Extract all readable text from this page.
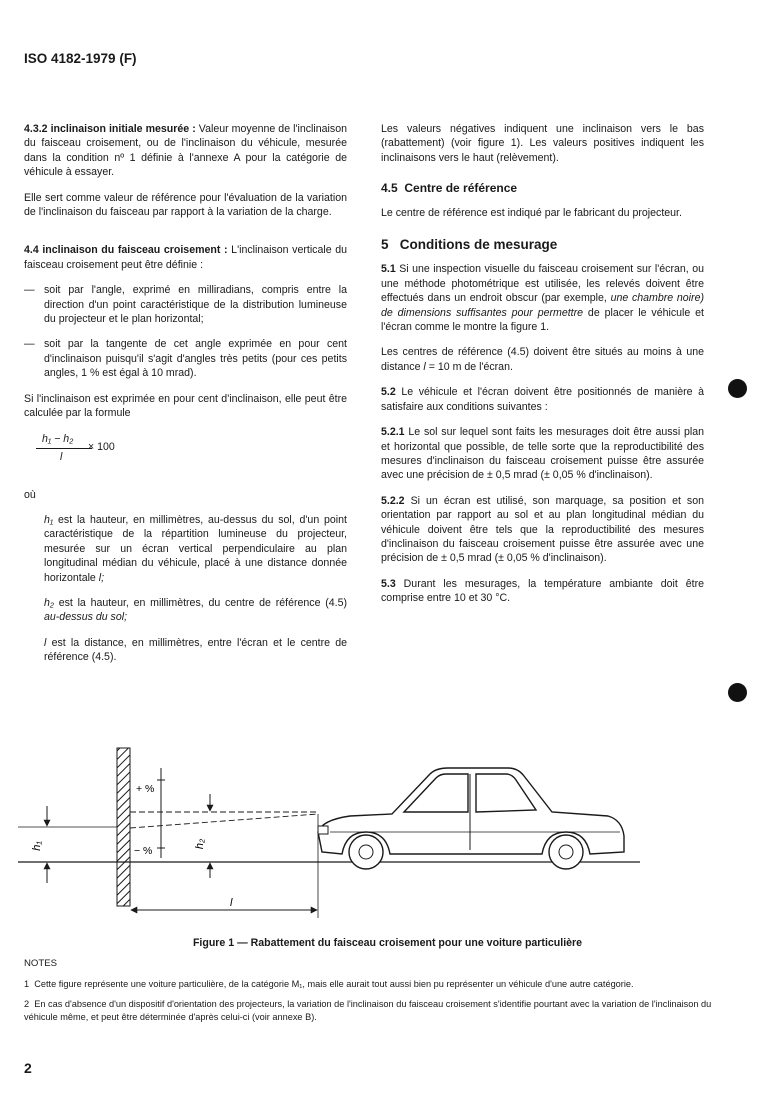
ISO 4182-1979 (F)

4.3.2 inclinaison initiale mesurée : Valeur moyenne de l'inclinaison du faisceau croisement, ou de l'inclinaison du véhicule, mesurée dans la condition nº 1 définie à l'annexe A pour la catégorie de véhicule à essayer.

Elle sert comme valeur de référence pour l'évaluation de la variation de l'inclinaison du faisceau par rapport à la variation de la charge.

4.4 inclinaison du faisceau croisement : L'inclinaison verticale du faisceau croisement peut être définie :

— soit par l'angle, exprimé en milliradians, compris entre la direction d'un point caractéristique de la distribution lumineuse du projecteur et le plan horizontal;

— soit par la tangente de cet angle exprimée en pour cent d'inclinaison puisqu'il s'agit d'angles très petits (pour ces petits angles, 1 % est égal à 10 mrad).

Si l'inclinaison est exprimée en pour cent d'inclinaison, elle peut être calculée par la formule

h₁ − h₂
l
× 100

où

h₁ est la hauteur, en millimètres, au-dessus du sol, d'un point caractéristique de la répartition lumineuse du projecteur, mesurée sur un écran vertical perpendiculaire au plan longitudinal médian du véhicule, placé à une distance donnée horizontale l;

h₂ est la hauteur, en millimètres, du centre de référence (4.5) au-dessus du sol;

l est la distance, en millimètres, entre l'écran et le centre de référence (4.5).

Les valeurs négatives indiquent une inclinaison vers le bas (rabattement) (voir figure 1). Les valeurs positives indiquent les inclinaisons vers le haut (relèvement).

4.5 Centre de référence

Le centre de référence est indiqué par le fabricant du projecteur.

5 Conditions de mesurage

5.1 Si une inspection visuelle du faisceau croisement sur l'écran, ou une méthode photométrique est utilisée, les relevés doivent être effectués dans un endroit obscur (par exemple, une chambre noire) de dimensions suffisantes pour permettre de placer le véhicule et l'écran comme le montre la figure 1.

Les centres de référence (4.5) doivent être situés au moins à une distance l = 10 m de l'écran.

5.2 Le véhicule et l'écran doivent être positionnés de manière à satisfaire aux conditions suivantes :

5.2.1 Le sol sur lequel sont faits les mesurages doit être aussi plan et horizontal que possible, de telle sorte que la reproductibilité des mesures d'inclinaison du faisceau croisement puisse être assurée avec une précision de ± 0,5 mrad (± 0,05 % d'inclinaison).

5.2.2 Si un écran est utilisé, son marquage, sa position et son orientation par rapport au sol et au plan longitudinal médian du véhicule doivent être tels que la reproductibilité des mesures d'inclinaison du faisceau croisement puisse être assurée avec une précision de ± 0,5 mrad (± 0,05 % d'inclinaison).

5.3 Durant les mesurages, la température ambiante doit être comprise entre 10 et 30 °C.

h₁
+ %
− %
h₂
l
Figure 1 — Rabattement du faisceau croisement pour une voiture particulière

NOTES

1 Cette figure représente une voiture particulière, de la catégorie M₁, mais elle aurait tout aussi bien pu représenter un véhicule d'une autre catégorie.

2 En cas d'absence d'un dispositif d'orientation des projecteurs, la variation de l'inclinaison du faisceau croisement s'identifie pourtant avec la variation de l'inclinaison du véhicule même, et peut être déterminée d'après celui-ci (voir annexe B).

2
